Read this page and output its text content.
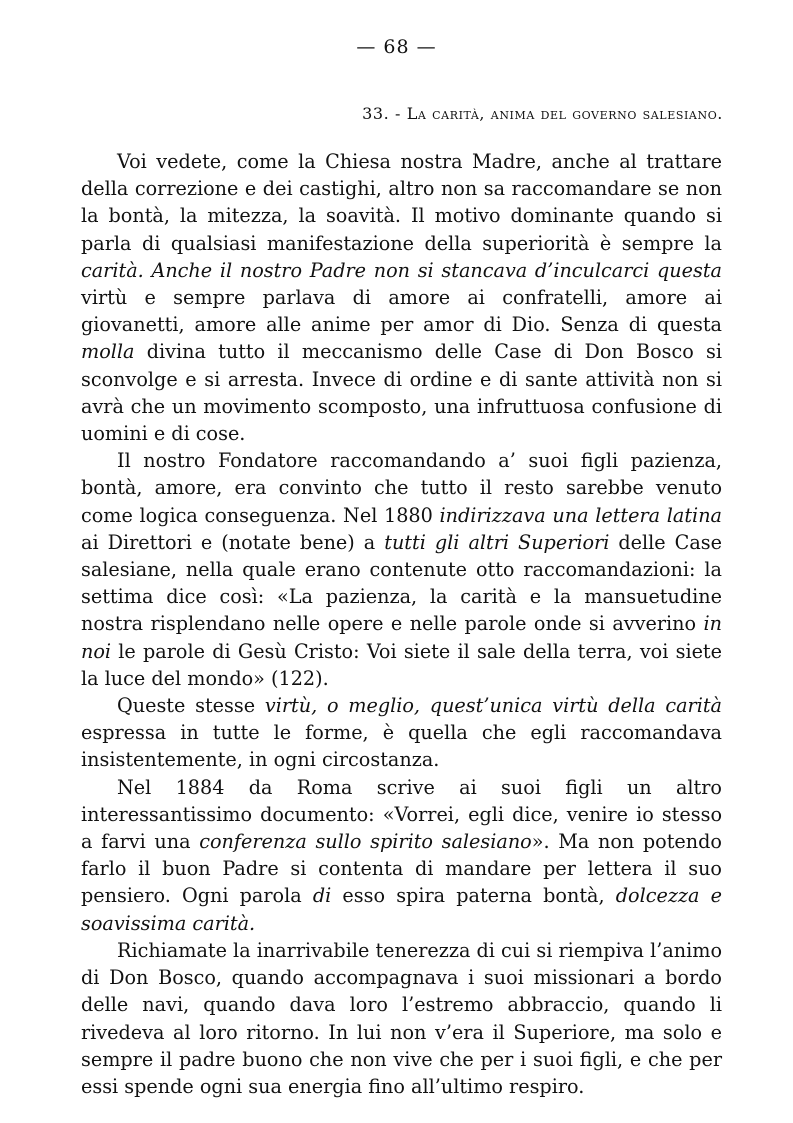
— 68 —
33. - La carità, anima del governo salesiano.

Voi vedete, come la Chiesa nostra Madre, anche al trattare della correzione e dei castighi, altro non sa raccomandare se non la bontà, la mitezza, la soavità. Il motivo dominante quando si parla di qualsiasi manifestazione della superiorità è sempre la carità. Anche il nostro Padre non si stancava d’inculcarci questa virtù e sempre parlava di amore ai confratelli, amore ai giovanetti, amore alle anime per amor di Dio. Senza di questa molla divina tutto il meccanismo delle Case di Don Bosco si sconvolge e si arresta. Invece di ordine e di sante attività non si avrà che un movimento scomposto, una infruttuosa confusione di uomini e di cose.

Il nostro Fondatore raccomandando a’ suoi figli pazienza, bontà, amore, era convinto che tutto il resto sarebbe venuto come logica conseguenza. Nel 1880 indirizzava una lettera latina ai Direttori e (notate bene) a tutti gli altri Superiori delle Case salesiane, nella quale erano contenute otto raccomandazioni: la settima dice così: «La pazienza, la carità e la mansuetudine nostra risplendano nelle opere e nelle parole onde si avverino in noi le parole di Gesù Cristo: Voi siete il sale della terra, voi siete la luce del mondo» (122).

Queste stesse virtù, o meglio, quest’unica virtù della carità espressa in tutte le forme, è quella che egli raccomandava insistentemente, in ogni circostanza.

Nel 1884 da Roma scrive ai suoi figli un altro interessantissimo documento: «Vorrei, egli dice, venire io stesso a farvi una conferenza sullo spirito salesiano». Ma non potendo farlo il buon Padre si contenta di mandare per lettera il suo pensiero. Ogni parola di esso spira paterna bontà, dolcezza e soavissima carità.

Richiamate la inarrivabile tenerezza di cui si riempiva l’animo di Don Bosco, quando accompagnava i suoi missionari a bordo delle navi, quando dava loro l’estremo abbraccio, quando li rivedeva al loro ritorno. In lui non v’era il Superiore, ma solo e sempre il padre buono che non vive che per i suoi figli, e che per essi spende ogni sua energia fino all’ultimo respiro.
